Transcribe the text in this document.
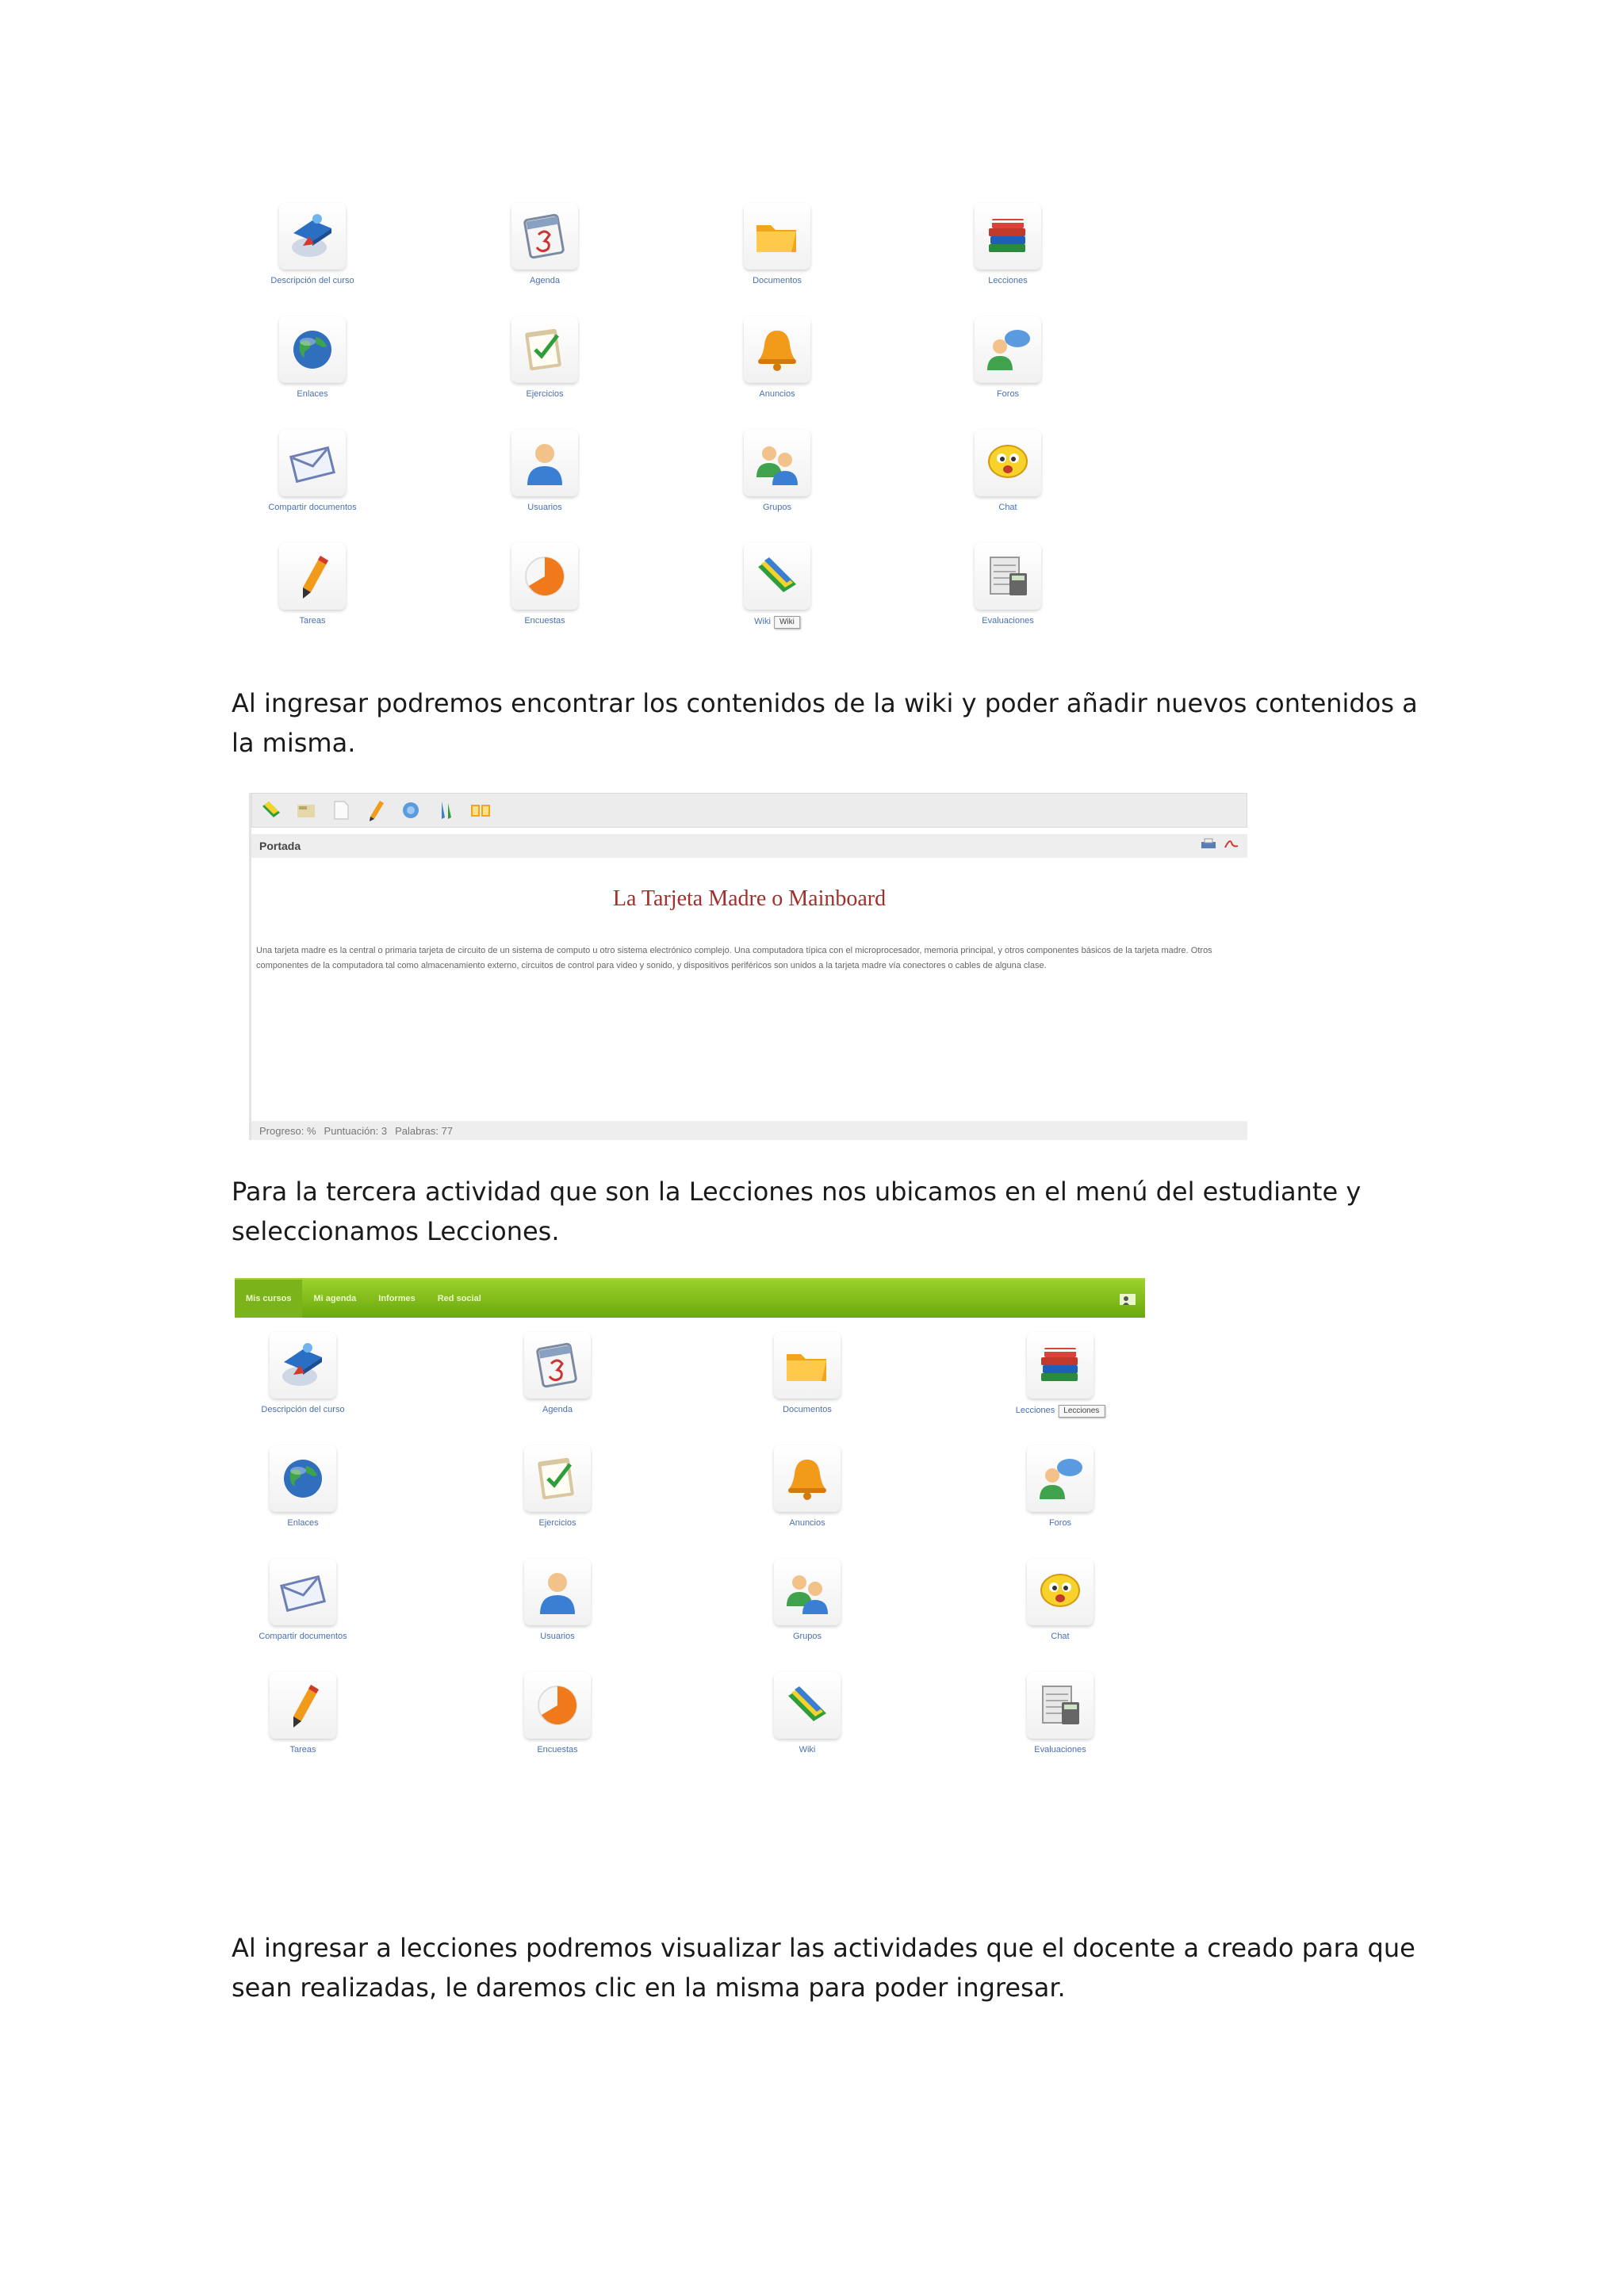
Descripción del curso	Agenda	Documentos	Lecciones
Enlaces	Ejercicios	Anuncios	Foros
Compartir documentos	Usuarios	Grupos	Chat
Tareas	Encuestas	Wiki Wiki	Evaluaciones

Al ingresar podremos encontrar los contenidos de la wiki y poder añadir nuevos contenidos a la misma.

Portada
La Tarjeta Madre o Mainboard
Una tarjeta madre es la central o primaria tarjeta de circuito de un sistema de computo u otro sistema electrónico complejo. Una computadora típica con el microprocesador, memoria principal, y otros componentes básicos de la tarjeta madre. Otros componentes de la computadora tal como almacenamiento externo, circuitos de control para video y sonido, y dispositivos periféricos son unidos a la tarjeta madre vía conectores o cables de alguna clase.
Progreso: % Puntuación: 3 Palabras: 77

Para la tercera actividad que son la Lecciones nos ubicamos en el menú del estudiante y seleccionamos Lecciones.

Mis cursos	Mi agenda	Informes	Red social
Descripción del curso	Agenda	Documentos	Lecciones Lecciones
Enlaces	Ejercicios	Anuncios	Foros
Compartir documentos	Usuarios	Grupos	Chat
Tareas	Encuestas	Wiki	Evaluaciones

Al ingresar a lecciones podremos visualizar las actividades que el docente a creado para que sean realizadas, le daremos clic en la misma para poder ingresar.
